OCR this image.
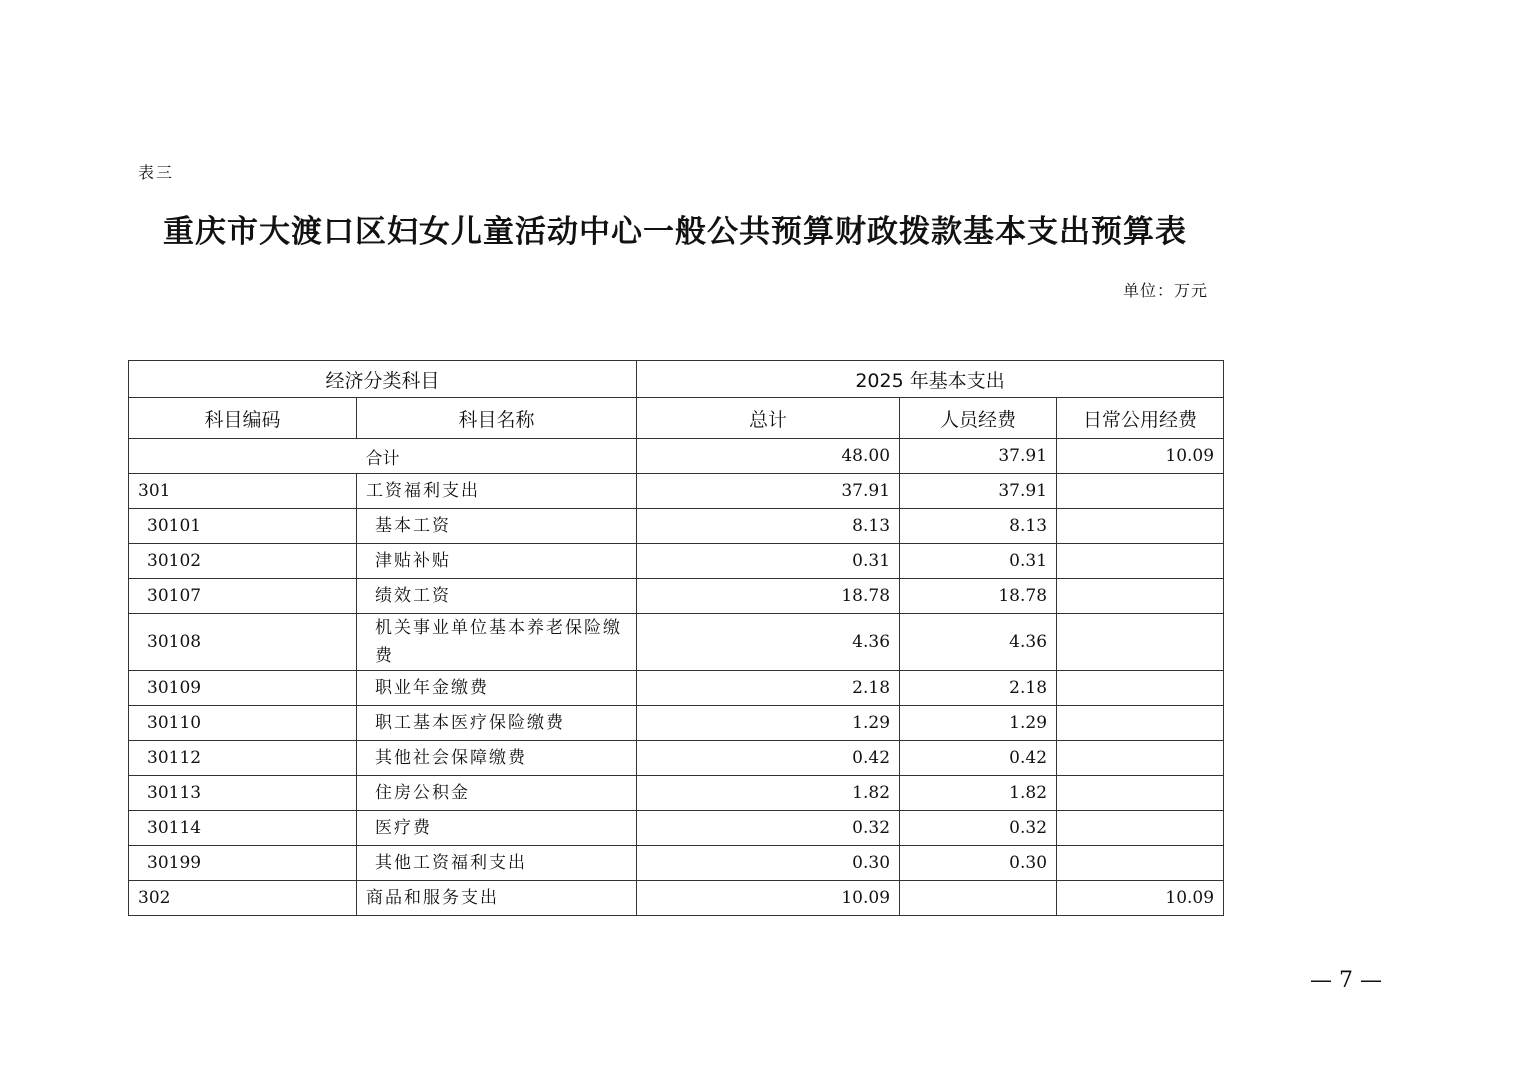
表三
重庆市大渡口区妇女儿童活动中心一般公共预算财政拨款基本支出预算表
单位：万元
经济分类科目		2025 年基本支出		
科目编码	科目名称	总计	人员经费	日常公用经费
合计		48.00	37.91	10.09
301	工资福利支出	37.91	37.91	
30101	基本工资	8.13	8.13	
30102	津贴补贴	0.31	0.31	
30107	绩效工资	18.78	18.78	
30108	机关事业单位基本养老保险缴费	4.36	4.36	
30109	职业年金缴费	2.18	2.18	
30110	职工基本医疗保险缴费	1.29	1.29	
30112	其他社会保障缴费	0.42	0.42	
30113	住房公积金	1.82	1.82	
30114	医疗费	0.32	0.32	
30199	其他工资福利支出	0.30	0.30	
302	商品和服务支出	10.09		10.09
— 7 —
